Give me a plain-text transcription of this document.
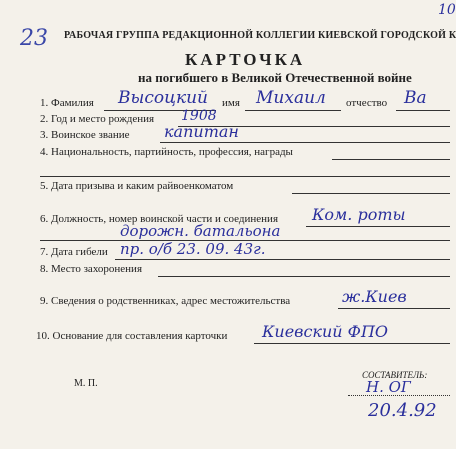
23
10
РАБОЧАЯ ГРУППА РЕДАКЦИОННОЙ КОЛЛЕГИИ КИЕВСКОЙ ГОРОДСКОЙ К
КАРТОЧКА
на погибшего в Великой Отечественной войне
1. Фамилия Высоцкий имя Михаил отчество Ва
2. Год и место рождения 1908
3. Воинское звание капитан
4. Национальность, партийность, профессия, награды
5. Дата призыва и каким райвоенкоматом
6. Должность, номер воинской части и соединения Ком. роты
дорожн. батальона
7. Дата гибели пр. о/б 23. 09. 43г.
8. Место захоронения
9. Сведения о родственниках, адрес местожительства	ж.Киев
10. Основание для составления карточки Киевский ФПО
М. П.
СОСТАВИТЕЛЬ:
Н. ОГ
20.4.92
